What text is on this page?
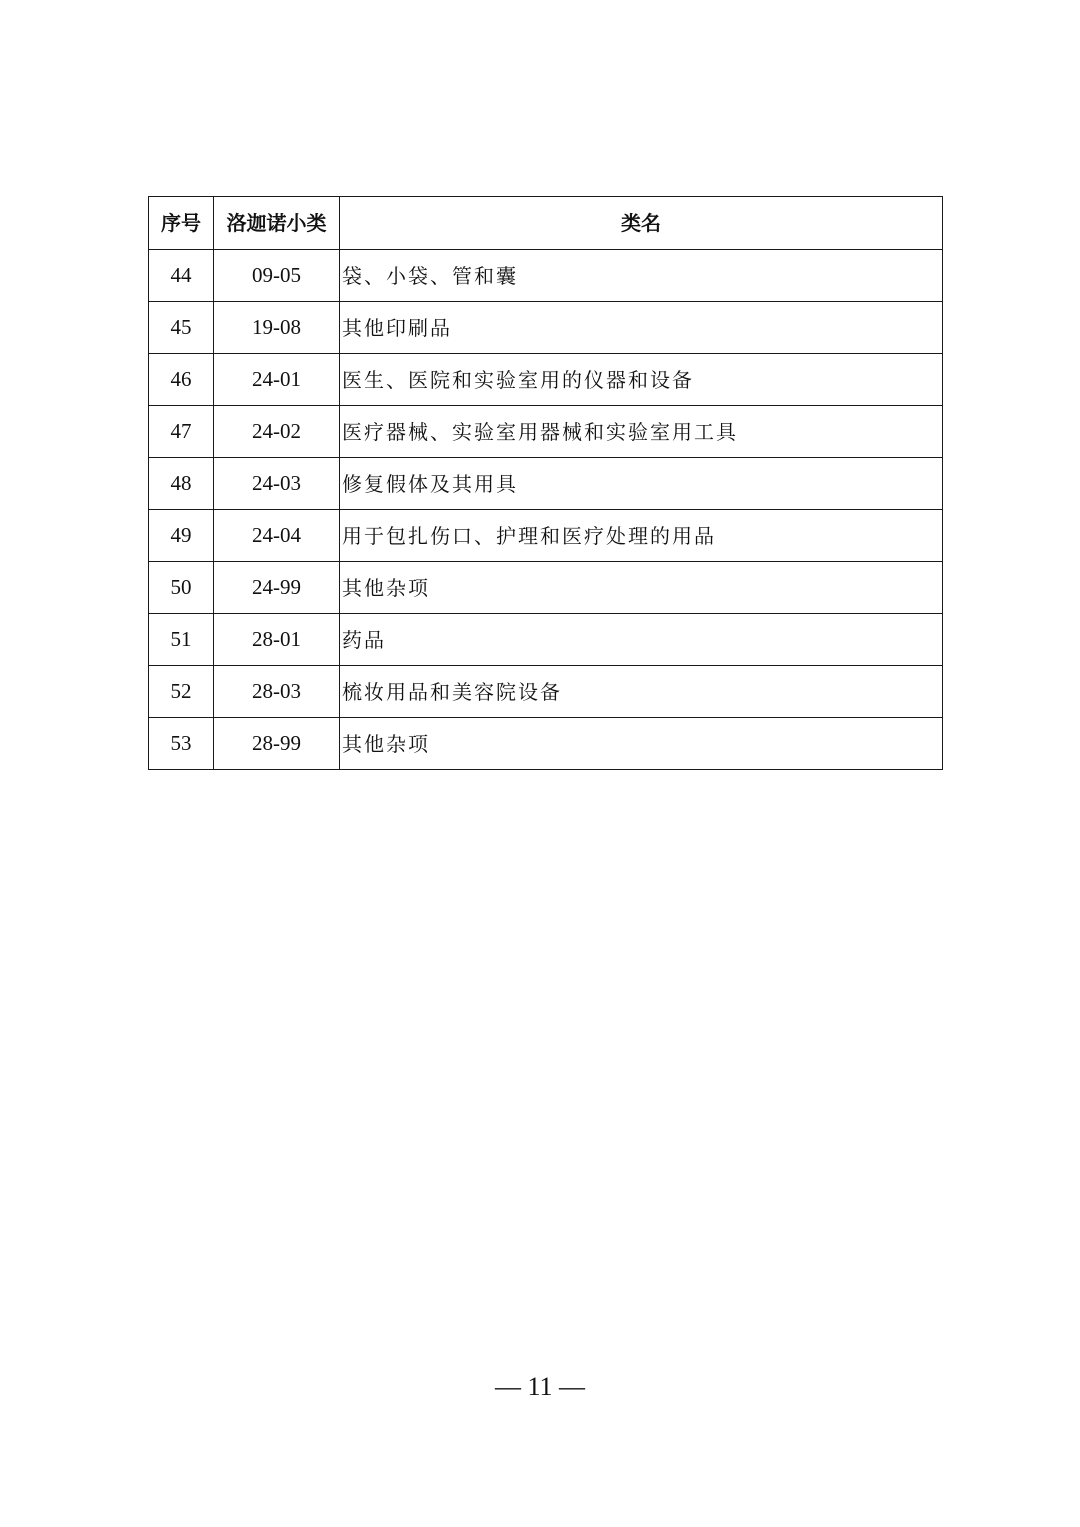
序号	洛迦诺小类	类名
44	09-05	袋、小袋、管和囊
45	19-08	其他印刷品
46	24-01	医生、医院和实验室用的仪器和设备
47	24-02	医疗器械、实验室用器械和实验室用工具
48	24-03	修复假体及其用具
49	24-04	用于包扎伤口、护理和医疗处理的用品
50	24-99	其他杂项
51	28-01	药品
52	28-03	梳妆用品和美容院设备
53	28-99	其他杂项
— 11 —
